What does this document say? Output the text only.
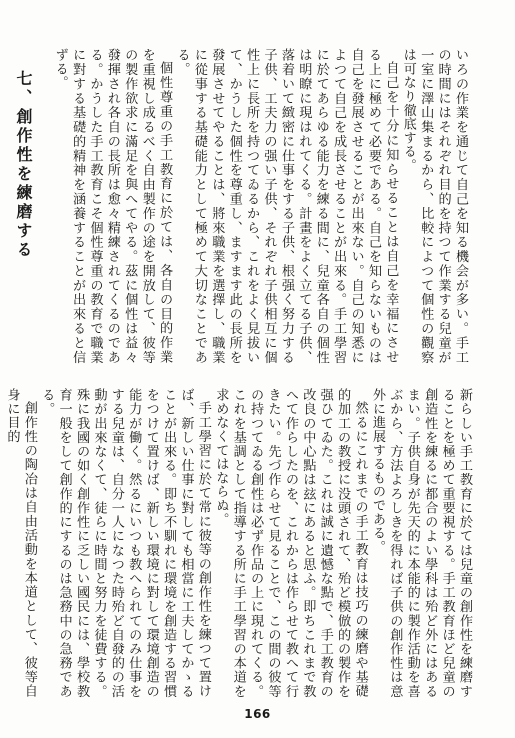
いろの作業を通じて自己を知る機会が多い。手工の時間にはそれぞれ目的を持つて作業する兒童が一室に澤山集まるから、比較によつて個性の觀察は可なり徹底する。

自己を十分に知らせることは自己を幸福にさせる上に極めて必要である。自己を知らないものは自己を發展させることが出來ない。自己の知悉によつて自己を成長させることが出來る。手工學習に於てあらゆる能力を練る間に、兒童各自の個性は明瞭に現はれてくる。計畫をよく立てる子供、落着いて緻密に仕事をする子供、根强く努力する子供、工夫力の强い子供、それぞれ子供相互に個性上に長所を持つてゐるから、これをよく見拔いて、かうした個性を尊重し、ますます此の長所を發展させてやることは、將來職業を選擇し、職業に從事する基礎能力として極めて大切なことである。

個性尊重の手工教育に於ては、各自の目的作業を重視し成るべく自由製作の途を開放して、彼等の製作欲求に滿足を與へてやる。茲に個性は益々發揮され各自の長所は愈々精練されてくるのである。かうした手工教育こそ個性尊重の教育で職業に對する基礎的精神を涵養することが出來ると信ずる。

七、創作性を練磨する

新らしい手工教育に於ては兒童の創作性を練磨することを極めて重要視する。手工教育ほど兒童の創造性を練るに都合のよい學科は殆ど外にはあるまい。子供自身が先天的に本能的に製作活動を喜ぶから、方法よろしきを得れば子供の創作性は意外に進展するものである。

然るにこれまでの手工教育は技巧の練磨や基礎的加工の教授に没頭されて、殆ど模倣的の製作を强ひてゐた。これは誠に遺憾な點で、手工教育の改良の中心點は玆にあると思ふ。即ちこれまで教へて作らしたのを、これからは作らせて教へて行きたい。先づ作らせて見ることで、この間の彼等の持つてゐる創性は必ず作品の上に現れてくる。これを基調として指導する所に手工學習の本道を求めなくてはならぬ。

手工學習に於て常に彼等の創作性を練つて置けば、新しい仕事に對しても相當に工夫してかゝることが出來る。即ち不馴れに環境を創造する習慣をつけて置けば、新しい環境に對して環境創造の能力が働く。然るにいつも教へられてのみ仕事をする兒童は、自分一人になつた時殆ど自發的の活動が出來なくて、徒らに時間と努力を徒費する。殊に我國の如く創作性に乏しい國民には、學校教育一般をして創作的にするのは急務中の急務である。

創作性の陶冶は自由活動を本道として、彼等自身に目的

166
